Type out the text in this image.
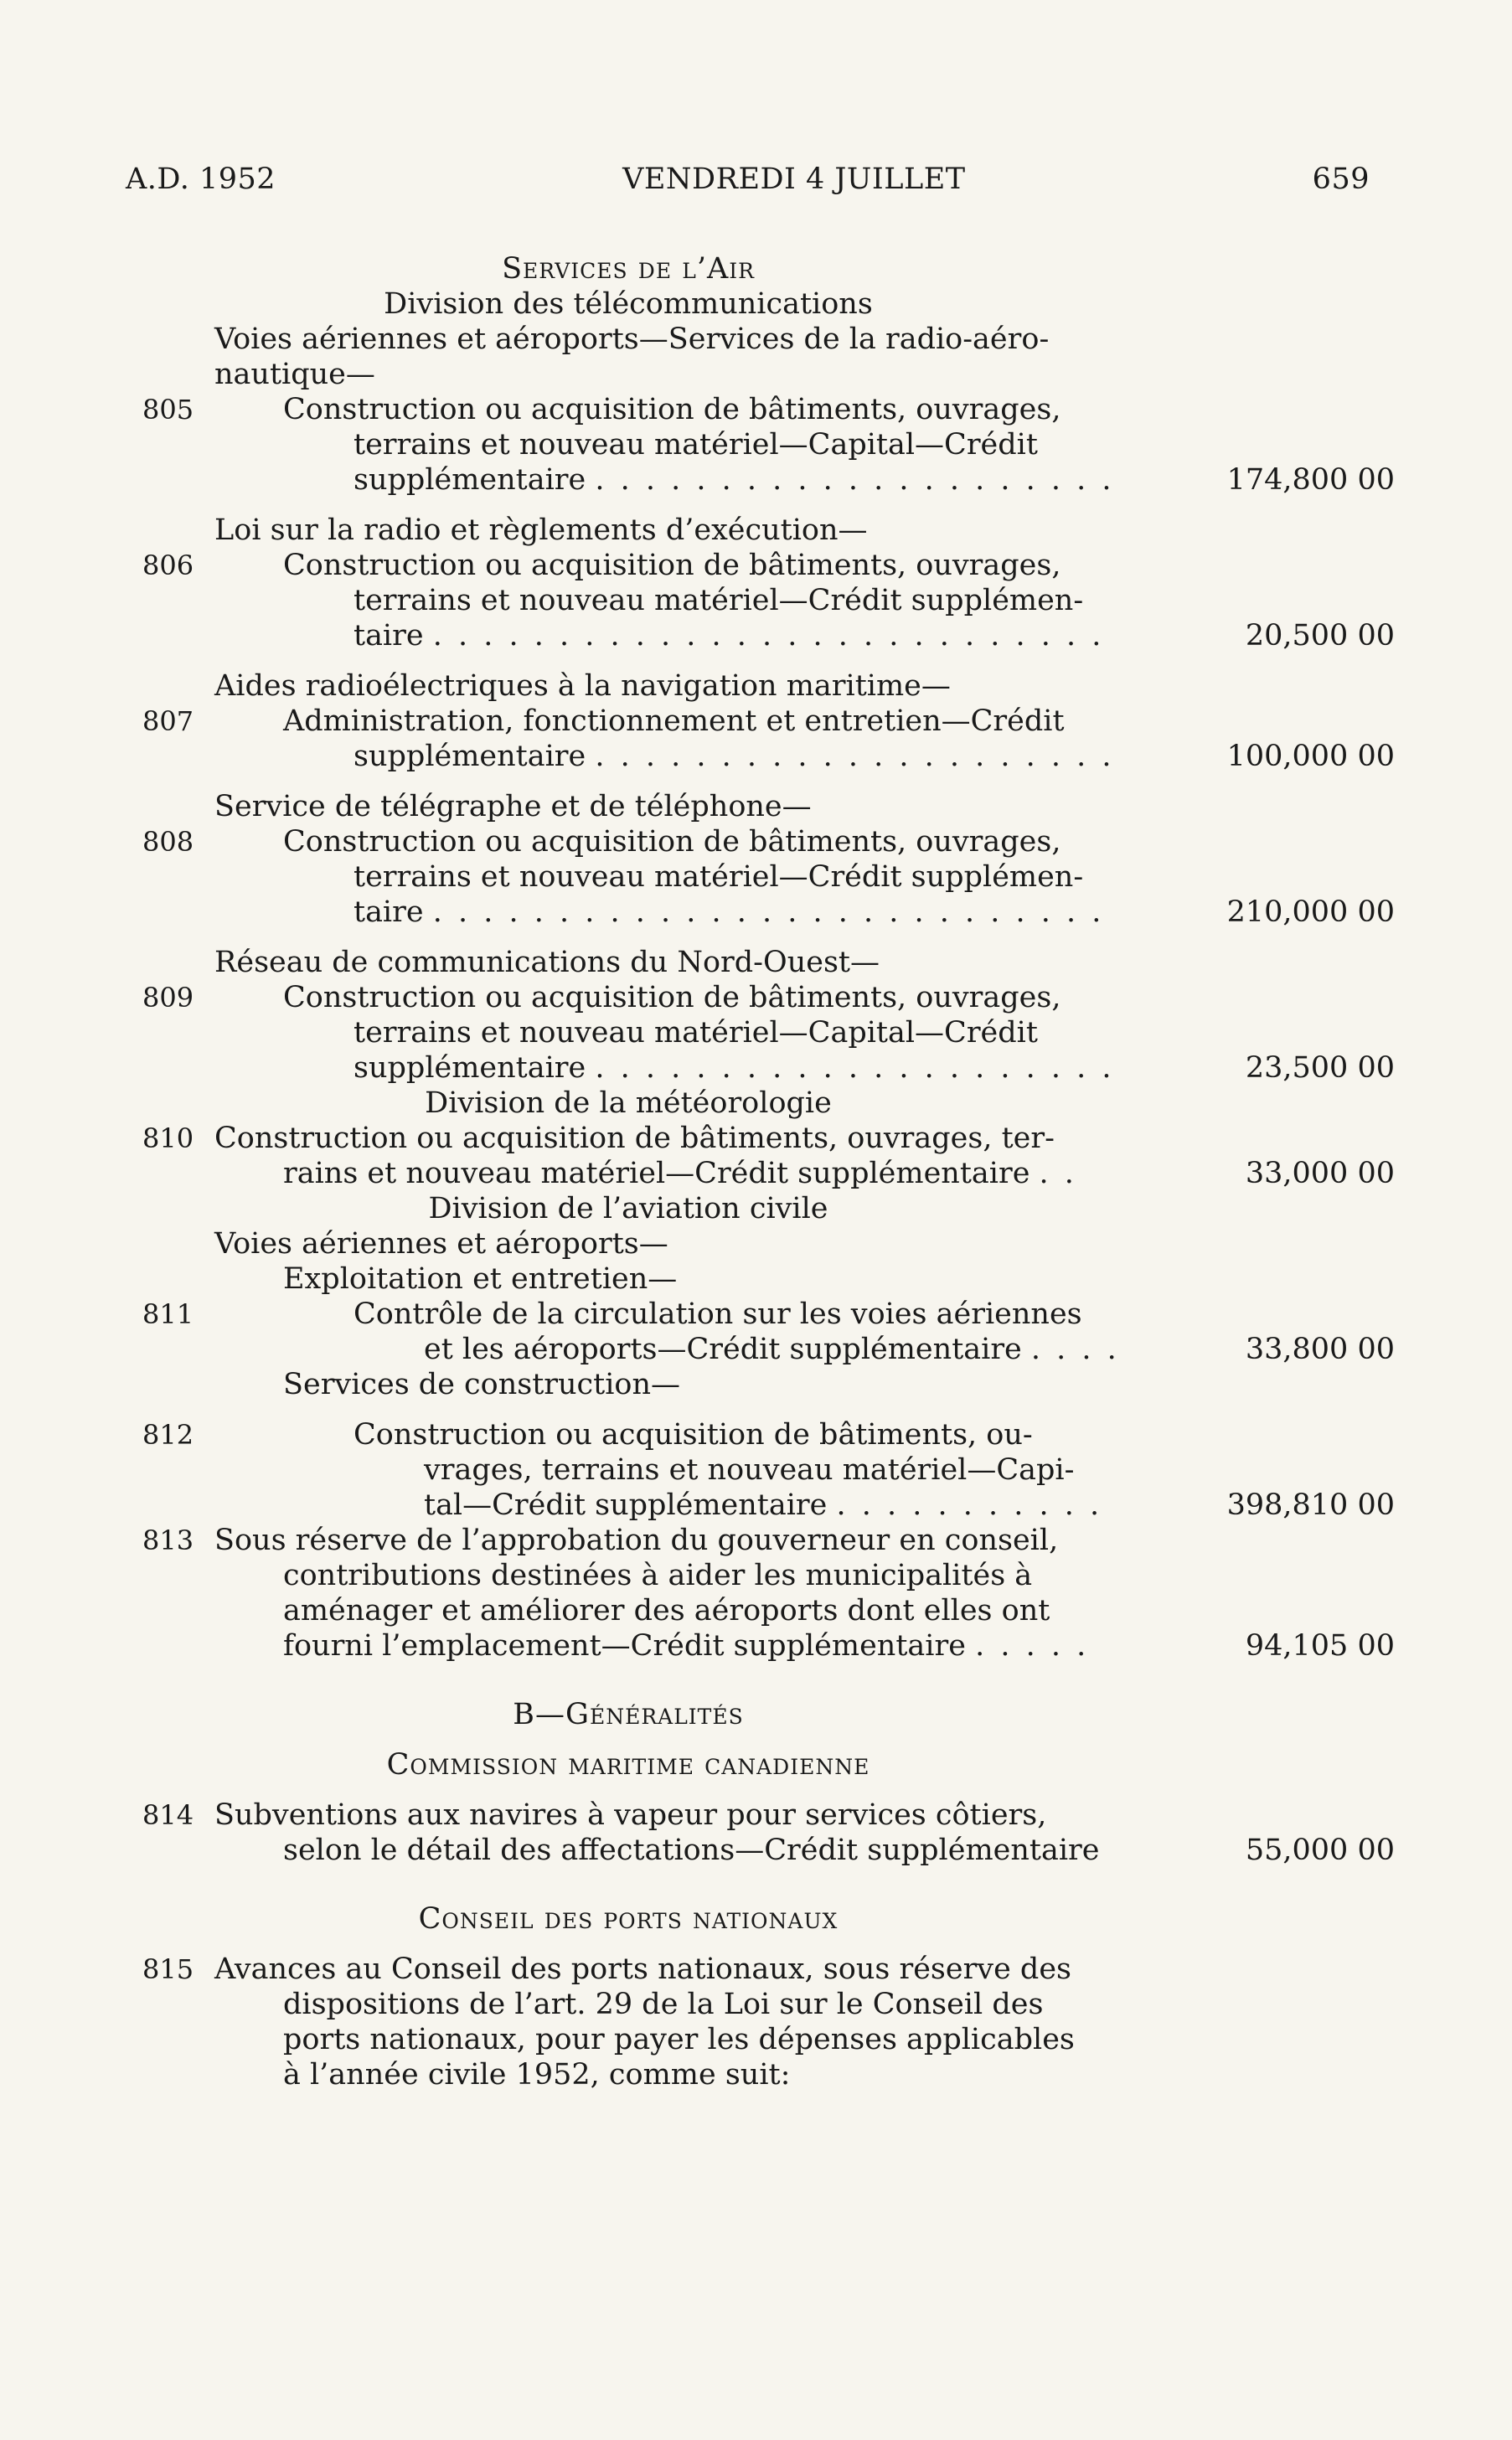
A.D. 1952	VENDREDI 4 JUILLET	659
Services de l’Air
Division des télécommunications
Voies aériennes et aéroports—Services de la radio-aéro-
nautique—
805	Construction ou acquisition de bâtiments, ouvrages,
terrains et nouveau matériel—Capital—Crédit
supplémentaire . . . . . . . . . . . . . . . . . . . . .	174,800 00
Loi sur la radio et règlements d’exécution—
806	Construction ou acquisition de bâtiments, ouvrages,
terrains et nouveau matériel—Crédit supplémen-
taire . . . . . . . . . . . . . . . . . . . . . . . . . . .	20,500 00
Aides radioélectriques à la navigation maritime—
807	Administration, fonctionnement et entretien—Crédit
supplémentaire . . . . . . . . . . . . . . . . . . . . .	100,000 00
Service de télégraphe et de téléphone—
808	Construction ou acquisition de bâtiments, ouvrages,
terrains et nouveau matériel—Crédit supplémen-
taire . . . . . . . . . . . . . . . . . . . . . . . . . . .	210,000 00
Réseau de communications du Nord-Ouest—
809	Construction ou acquisition de bâtiments, ouvrages,
terrains et nouveau matériel—Capital—Crédit
supplémentaire . . . . . . . . . . . . . . . . . . . . .	23,500 00
Division de la météorologie
810 Construction ou acquisition de bâtiments, ouvrages, ter-
rains et nouveau matériel—Crédit supplémentaire . .	33,000 00
Division de l’aviation civile
Voies aériennes et aéroports—
Exploitation et entretien—
811	Contrôle de la circulation sur les voies aériennes
et les aéroports—Crédit supplémentaire . . . .	33,800 00
Services de construction—
812	Construction ou acquisition de bâtiments, ou-
vrages, terrains et nouveau matériel—Capi-
tal—Crédit supplémentaire . . . . . . . . . . .	398,810 00
813 Sous réserve de l’approbation du gouverneur en conseil,
contributions destinées à aider les municipalités à
aménager et améliorer des aéroports dont elles ont
fourni l’emplacement—Crédit supplémentaire . . . . .	94,105 00
B—Généralités
Commission maritime canadienne
814 Subventions aux navires à vapeur pour services côtiers,
selon le détail des affectations—Crédit supplémentaire	55,000 00
Conseil des ports nationaux
815 Avances au Conseil des ports nationaux, sous réserve des
dispositions de l’art. 29 de la Loi sur le Conseil des
ports nationaux, pour payer les dépenses applicables
à l’année civile 1952, comme suit:
